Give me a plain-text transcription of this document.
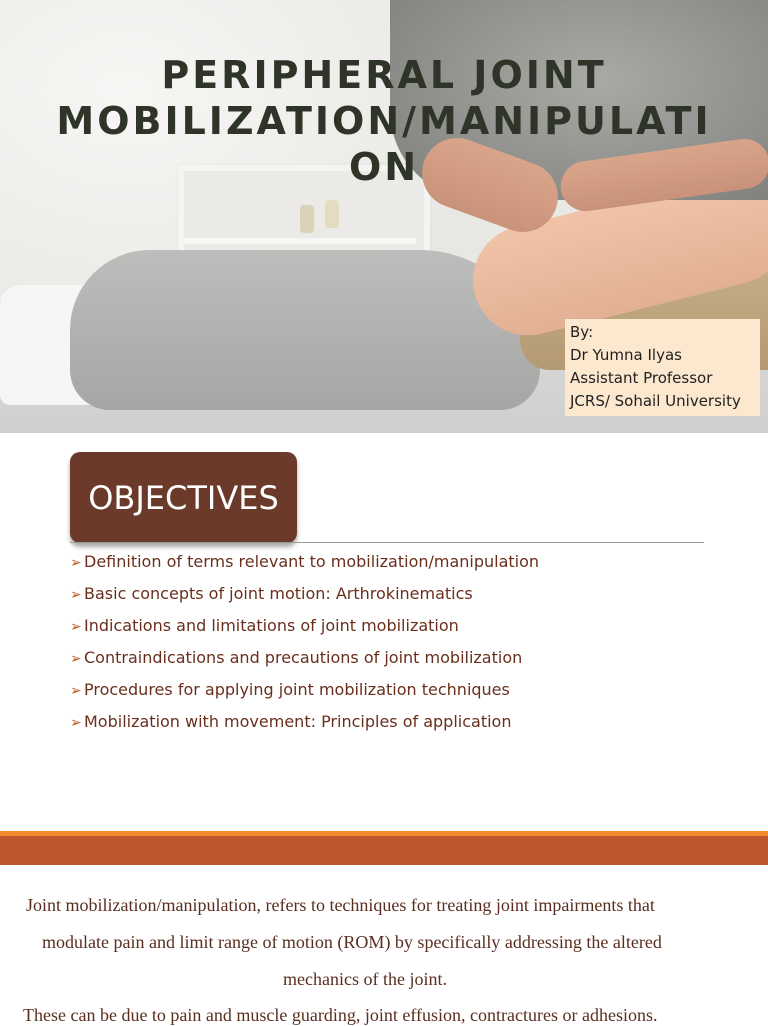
PERIPHERAL JOINT
MOBILIZATION/MANIPULATI
ON
By:
Dr Yumna Ilyas
Assistant Professor
JCRS/ Sohail University
OBJECTIVES
➢ Definition of terms relevant to mobilization/manipulation
➢ Basic concepts of joint motion: Arthrokinematics
➢ Indications and limitations of joint mobilization
➢ Contraindications and precautions of joint mobilization
➢ Procedures for applying joint mobilization techniques
➢ Mobilization with movement: Principles of application
Joint mobilization/manipulation, refers to techniques for treating joint impairments that
modulate pain and limit range of motion (ROM) by specifically addressing the altered
mechanics of the joint.
These can be due to pain and muscle guarding, joint effusion, contractures or adhesions.
